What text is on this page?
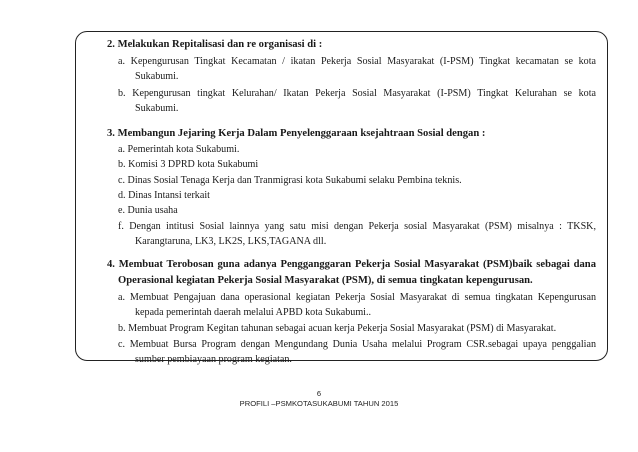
2. Melakukan Repitalisasi dan re organisasi di :
a. Kepengurusan Tingkat Kecamatan / ikatan Pekerja Sosial Masyarakat (I-PSM) Tingkat kecamatan se kota
Sukabumi.
b. Kepengurusan tingkat Kelurahan/ Ikatan Pekerja Sosial Masyarakat (I-PSM) Tingkat Kelurahan se kota
Sukabumi.
3. Membangun Jejaring Kerja Dalam Penyelenggaraan ksejahtraan Sosial dengan :
a. Pemerintah kota Sukabumi.
b. Komisi 3 DPRD kota Sukabumi
c. Dinas Sosial Tenaga Kerja dan Tranmigrasi kota Sukabumi selaku Pembina teknis.
d. Dinas Intansi terkait
e. Dunia usaha
f. Dengan intitusi Sosial lainnya yang satu misi dengan Pekerja sosial Masyarakat (PSM) misalnya : TKSK,
Karangtaruna, LK3, LK2S, LKS,TAGANA dll.
4. Membuat Terobosan guna adanya Pengganggaran Pekerja Sosial Masyarakat (PSM)baik sebagai dana
Operasional kegiatan Pekerja Sosial Masyarakat (PSM), di semua tingkatan kepengurusan.
a. Membuat Pengajuan dana operasional kegiatan Pekerja Sosial Masyarakat di semua tingkatan Kepengurusan
kepada pemerintah daerah melalui APBD kota Sukabumi..
b. Membuat Program Kegitan tahunan sebagai acuan kerja Pekerja Sosial Masyarakat (PSM) di Masyarakat.
c. Membuat Bursa Program dengan Mengundang Dunia Usaha melalui Program CSR.sebagai upaya penggalian
sumber pembiayaan program kegiatan.
6
PROFILI –PSMKOTASUKABUMI TAHUN 2015
